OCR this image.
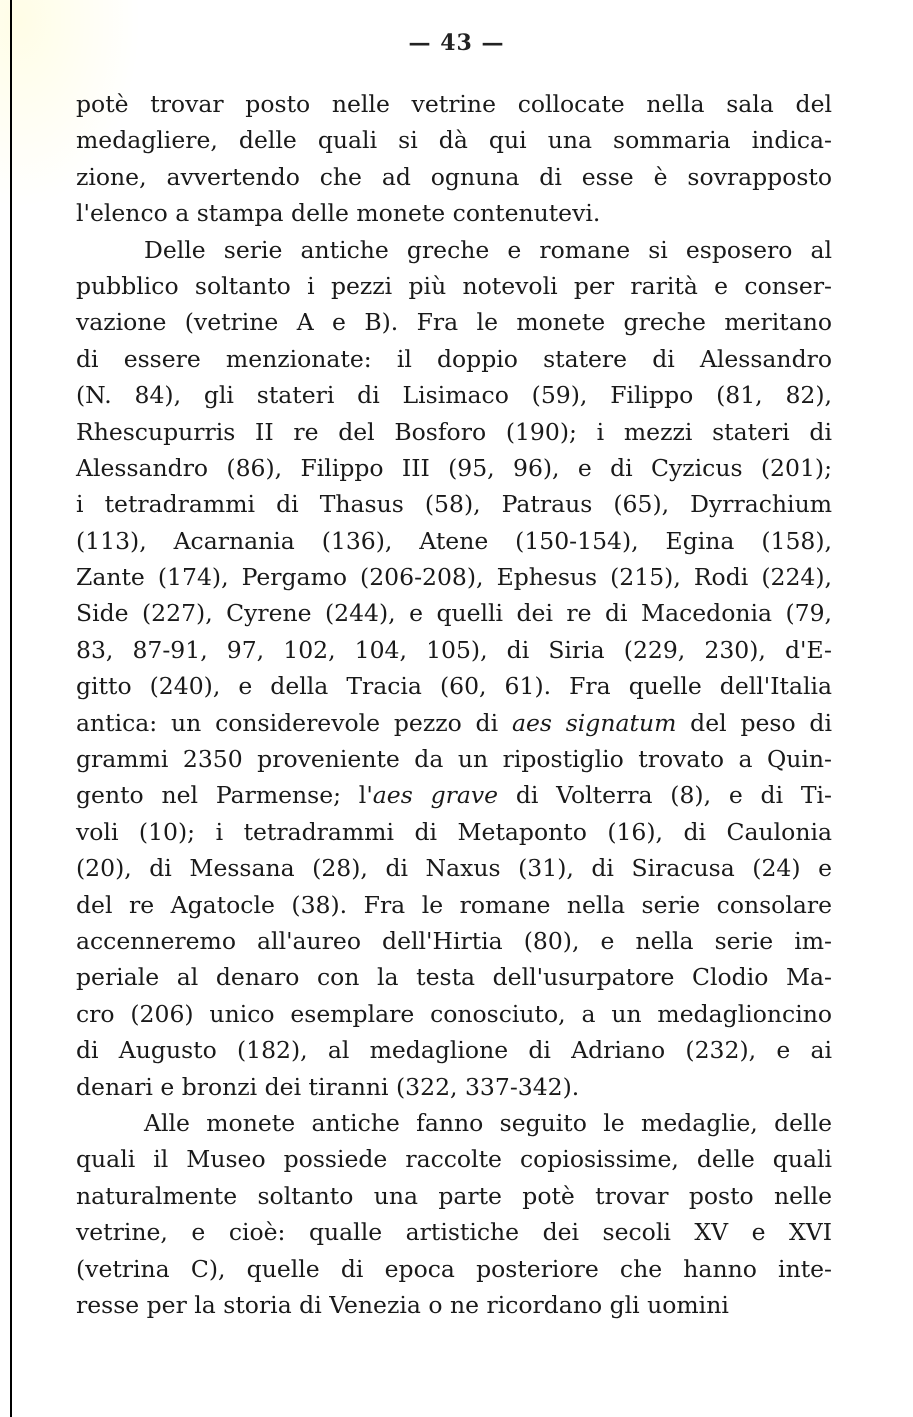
— 43 —
potè trovar posto nelle vetrine collocate nella sala del
medagliere, delle quali si dà qui una sommaria indica-
zione, avvertendo che ad ognuna di esse è sovrapposto
l'elenco a stampa delle monete contenutevi.
Delle serie antiche greche e romane si esposero al
pubblico soltanto i pezzi più notevoli per rarità e conser-
vazione (vetrine A e B). Fra le monete greche meritano
di essere menzionate: il doppio statere di Alessandro
(N. 84), gli stateri di Lisimaco (59), Filippo (81, 82),
Rhescupurris II re del Bosforo (190); i mezzi stateri di
Alessandro (86), Filippo III (95, 96), e di Cyzicus (201);
i tetradrammi di Thasus (58), Patraus (65), Dyrrachium
(113), Acarnania (136), Atene (150-154), Egina (158),
Zante (174), Pergamo (206-208), Ephesus (215), Rodi (224),
Side (227), Cyrene (244), e quelli dei re di Macedonia (79,
83, 87-91, 97, 102, 104, 105), di Siria (229, 230), d'E-
gitto (240), e della Tracia (60, 61). Fra quelle dell'Italia
antica: un considerevole pezzo di aes signatum del peso di
grammi 2350 proveniente da un ripostiglio trovato a Quin-
gento nel Parmense; l'aes grave di Volterra (8), e di Ti-
voli (10); i tetradrammi di Metaponto (16), di Caulonia
(20), di Messana (28), di Naxus (31), di Siracusa (24) e
del re Agatocle (38). Fra le romane nella serie consolare
accenneremo all'aureo dell'Hirtia (80), e nella serie im-
periale al denaro con la testa dell'usurpatore Clodio Ma-
cro (206) unico esemplare conosciuto, a un medaglioncino
di Augusto (182), al medaglione di Adriano (232), e ai
denari e bronzi dei tiranni (322, 337-342).
Alle monete antiche fanno seguito le medaglie, delle
quali il Museo possiede raccolte copiosissime, delle quali
naturalmente soltanto una parte potè trovar posto nelle
vetrine, e cioè: qualle artistiche dei secoli XV e XVI
(vetrina C), quelle di epoca posteriore che hanno inte-
resse per la storia di Venezia o ne ricordano gli uomini
